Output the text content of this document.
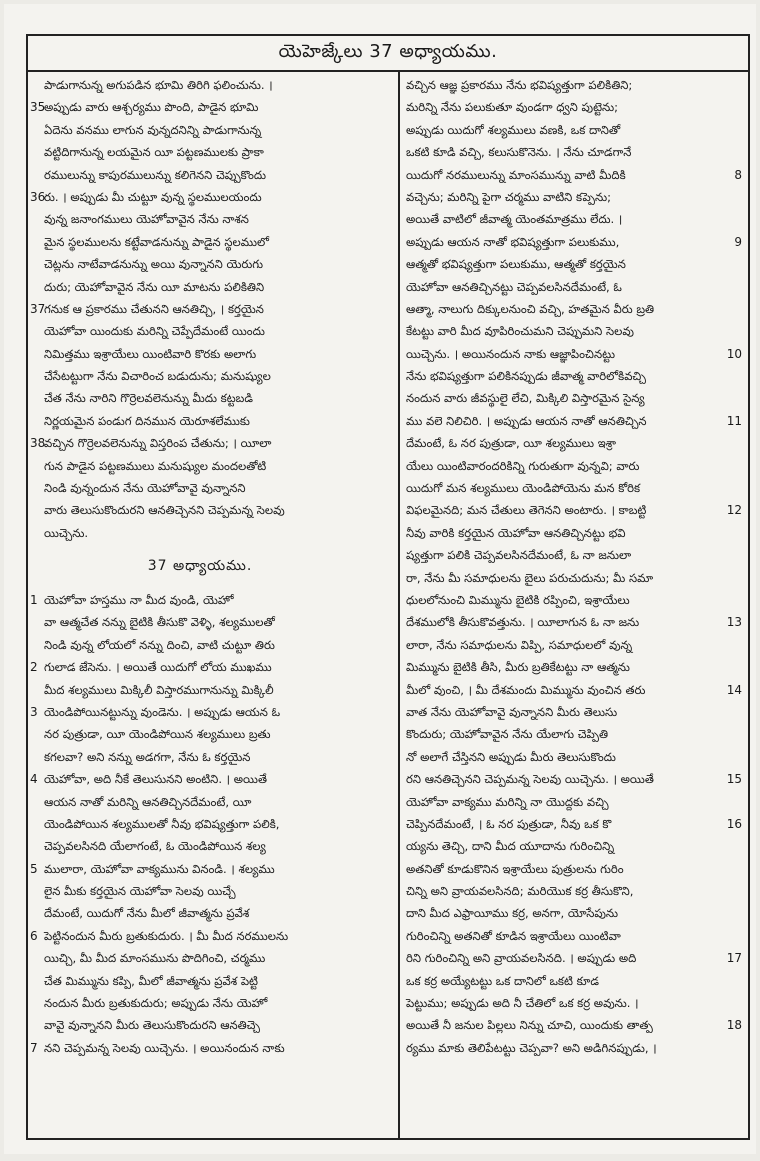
యెహెజ్కేలు 37 అధ్యాయము.
పాడుగానున్న అగుపడిన భూమి తిరిగి ఫలించును. ।
35
అప్పుడు వారు ఆశ్చర్యము పొంది, పాడైన భూమి
ఏదెను వనము లాగున వున్నదనిన్ని పాడుగానున్న
వట్టిదిగానున్న లయమైన యీ పట్టణములకు ప్రాకా
రములున్ను కాపురములున్ను కలిగెనని చెప్పుకొందు
36
రు. । అప్పుడు మీ చుట్టూ వున్న స్థలములయందు
వున్న జనాంగములు యెహోవావైన నేను నాశన
మైన స్థలములను కట్టేవాడనున్ను పాడైన స్థలములో
చెట్లను నాటేవాడనున్ను అయి వున్నానని యెరుగు
దురు; యెహోవావైన నేను యీ మాటను పలికితిని
37
గనుక ఆ ప్రకారము చేతునని ఆనతిచ్చి, । కర్తయైన
యెహోవా యిందుకు మరిన్ని చెప్పేదేమంటే యిందు
నిమిత్తము ఇశ్రాయేలు యింటివారి కొరకు అలాగు
చేసేటట్టుగా నేను విచారించ బడుదును; మనుష్యుల
చేత నేను నారిని గొర్రెలవలెనున్ను మీదు కట్టబడి
నిర్ణయమైన పండుగ దినమున యెరూశలేముకు
38
వచ్చిన గొర్రెలవలెనున్ను విస్తరింప చేతును; । యీలా
గున పాడైన పట్టణములు మనుష్యుల మందలతోటి
నిండి వున్నందున నేను యెహోవావై వున్నానని
వారు తెలుసుకొందురని ఆనతిచ్చెనని చెప్పమన్న సెలవు
యిచ్చెను.
37 అధ్యాయము.
1 యెహోవా హస్తము నా మీద వుండి, యెహో
వా ఆత్మచేత నన్ను బైటికి తీసుకొ వెళ్ళి, శల్యములతో
నిండి వున్న లోయలో నన్ను దించి, వాటి చుట్టూ తిరు
2 గులాడ జేసెను. । అయితే యిదుగో లోయ ముఖము
మీద శల్యములు మిక్కిలీ విస్తారముగానున్ను మిక్కిలీ
3 యెండిపోయినట్టున్ను వుండెను. । అప్పుడు ఆయన ఓ
నర పుత్రుడా, యీ యెండిపోయిన శల్యములు బ్రతు
కగలవా? అని నన్ను అడగగా, నేను ఓ కర్తయైన
4 యెహోవా, అది నీకే తెలుసునని అంటిని. । అయితే
ఆయన నాతో మరిన్ని ఆనతిచ్చినదేమంటే, యీ
యెండిపోయిన శల్యములతో నీవు భవిష్యత్తుగా పలికి,
చెప్పవలసినది యేలాగంటే, ఓ యెండిపోయిన శల్య
5 ములారా, యెహోవా వాక్యమును వినండి. । శల్యము
లైన మీకు కర్తయైన యెహోవా సెలవు యిచ్చే
దేమంటే, యిదుగో నేను మీలో జీవాత్మను ప్రవేశ
6 పెట్టినందున మీరు బ్రతుకుదురు. । మీ మీద నరములను
యిచ్చి, మీ మీద మాంసమును పొదిగించి, చర్మము
చేత మిమ్మును కప్పి, మీలో జీవాత్మను ప్రవేశ పెట్టి
నందున మీరు బ్రతుకుదురు; అప్పుడు నేను యెహో
వావై వున్నానని మీరు తెలుసుకొందురని ఆనతిచ్చె
7 నని చెప్పమన్న సెలవు యిచ్చెను. । అయినందున నాకు
వచ్చిన ఆజ్ఞ ప్రకారము నేను భవిష్యత్తుగా పలికితిని;
మరిన్ని నేను పలుకుతూ వుండగా ధ్వని పుట్టెను;
అప్పుడు యిదుగో శల్యములు వణకి, ఒక దానితో
ఒకటి కూడి వచ్చి, కలుసుకొనెను. । నేను చూడగానే
8
యిదుగో నరములున్ను మాంసమున్ను వాటి మీదికి
వచ్చెను; మరిన్ని పైగా చర్మము వాటిని కప్పెను;
అయితే వాటిలో జీవాత్మ యెంతమాత్రము లేదు. ।
9
అప్పుడు ఆయన నాతో భవిష్యత్తుగా పలుకుము,
ఆత్మతో భవిష్యత్తుగా పలుకుము, ఆత్మతో కర్తయైన
యెహోవా ఆనతిచ్చినట్టు చెప్పవలసినదేమంటే, ఓ
ఆత్మా, నాలుగు దిక్కులనుంచి వచ్చి, హతమైన వీరు బ్రతి
కేటట్టు వారి మీద వూపిరించుమని చెప్పుమని సెలవు
10
యిచ్చెను. । అయినందున నాకు ఆజ్ఞాపించినట్టు
నేను భవిష్యత్తుగా పలికినప్పుడు జీవాత్మ వారిలోకివచ్చి
నందున వారు జీవస్థులై లేచి, మిక్కిలి విస్తారమైన సైన్య
11
ము వలె నిలిచిరి. । అప్పుడు ఆయన నాతో ఆనతిచ్చిన
దేమంటే, ఓ నర పుత్రుడా, యీ శల్యములు ఇశ్రా
యేలు యింటివారందరికిన్ని గురుతుగా వున్నవి; వారు
యిదుగో మన శల్యములు యెండిపోయెను మన కోరిక
12
విఫలమైనది; మన చేతులు తెగెనని అంటారు. । కాబట్టి
నీవు వారికి కర్తయైన యెహోవా ఆనతిచ్చినట్టు భవి
ష్యత్తుగా పలికి చెప్పవలసినదేమంటే, ఓ నా జనులా
రా, నేను మీ సమాధులను బైలు పరుచుదును; మీ సమా
ధులలోనుంచి మిమ్మును బైటికి రప్పించి, ఇశ్రాయేలు
13
దేశములోకి తీసుకొవత్తును. । యీలాగున ఓ నా జను
లారా, నేను సమాధులను విప్పి, సమాధులలో వున్న
మిమ్మును బైటికి తీసి, మీరు బ్రతికేటట్టు నా ఆత్మను
14
మీలో వుంచి, । మీ దేశమందు మిమ్మును వుంచిన తరు
వాత నేను యెహోవావై వున్నానని మీరు తెలుసు
కొందురు; యెహోవావైన నేను యేలాగు చెప్పితి
నో అలాగే చేస్తినని అప్పుడు మీరు తెలుసుకొందు
15
రని ఆనతిచ్చెనని చెప్పమన్న సెలవు యిచ్చెను. । అయితే
యెహోవా వాక్యము మరిన్ని నా యొద్దకు వచ్చి
16
చెప్పినదేమంటే, । ఓ నర పుత్రుడా, నీవు ఒక కొ
య్యను తెచ్చి, దాని మీద యూదాను గురించిన్ని
అతనితో కూడుకొనిన ఇశ్రాయేలు పుత్రులను గురిం
చిన్ని అని వ్రాయవలసినది; మరియొక కర్ర తీసుకొని,
దాని మీద ఎఫ్రాయీము కర్ర, అనగా, యోసేపును
గురించిన్ని అతనితో కూడిన ఇశ్రాయేలు యింటివా
17
రిని గురించిన్ని అని వ్రాయవలసినది. । అప్పుడు అది
ఒక కర్ర అయ్యేటట్టు ఒక దానిలో ఒకటి కూడ
పెట్టుము; అప్పుడు అది నీ చేతిలో ఒక కర్ర అవును. ।
18
అయితే నీ జనుల పిల్లలు నిన్ను చూచి, యిందుకు తాత్ప
ర్యము మాకు తెలిపేటట్టు చెప్పవా? అని అడిగినప్పుడు, ।
